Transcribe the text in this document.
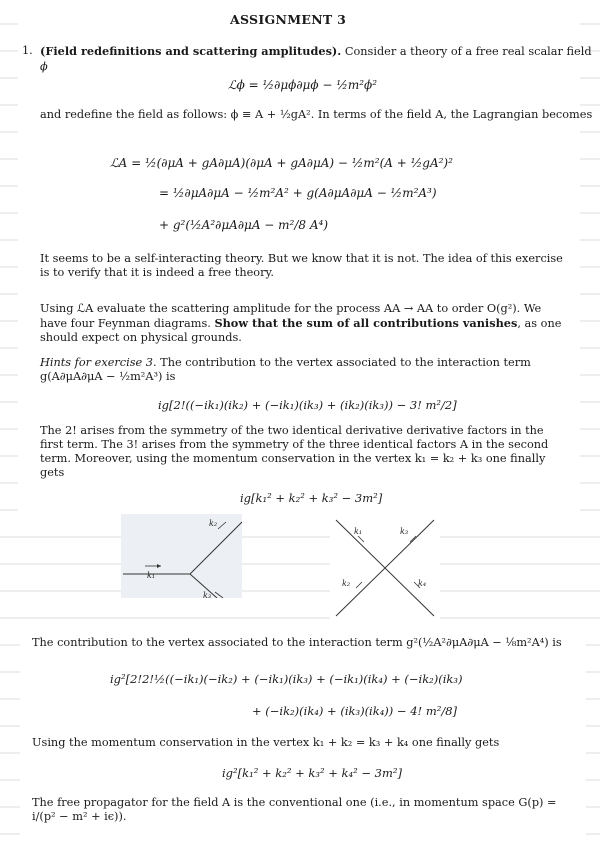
ASSIGNMENT 3
1. (Field redefinitions and scattering amplitudes). Consider a theory of a free real scalar field
ϕ
ℒϕ = ½∂μϕ∂μϕ − ½m²ϕ²
and redefine the field as follows: ϕ ≡ A + ½gA². In terms of the field A, the Lagrangian becomes
ℒA = ½(∂μA + gA∂μA)(∂μA + gA∂μA) − ½m²(A + ½gA²)²
= ½∂μA∂μA − ½m²A² + g(A∂μA∂μA − ½m²A³)
+ g²(½A²∂μA∂μA − m²/8 A⁴)
It seems to be a self-interacting theory. But we know that it is not. The idea of this exercise is to verify that it is indeed a free theory.
Using ℒA evaluate the scattering amplitude for the process AA → AA to order O(g²). We have four Feynman diagrams. Show that the sum of all contributions vanishes, as one should expect on physical grounds.
Hints for exercise 3. The contribution to the vertex associated to the interaction term g(A∂μA∂μA − ½m²A³) is
ig[2!((−ik₁)(ik₂) + (−ik₁)(ik₃) + (ik₂)(ik₃)) − 3! m²/2]
The 2! arises from the symmetry of the two identical derivative derivative factors in the first term. The 3! arises from the symmetry of the three identical factors A in the second term. Moreover, using the momentum conservation in the vertex k₁ = k₂ + k₃ one finally gets
ig[k₁² + k₂² + k₃² − 3m²]
k₂
k₁
k₃
k₁	k₃
k₂	k₄
The contribution to the vertex associated to the interaction term g²(½A²∂μA∂μA − ⅛m²A⁴) is
ig²[2!2!½((−ik₁)(−ik₂) + (−ik₁)(ik₃) + (−ik₁)(ik₄) + (−ik₂)(ik₃)
+ (−ik₂)(ik₄) + (ik₃)(ik₄)) − 4! m²/8]
Using the momentum conservation in the vertex k₁ + k₂ = k₃ + k₄ one finally gets
ig²[k₁² + k₂² + k₃² + k₄² − 3m²]
The free propagator for the field A is the conventional one (i.e., in momentum space G(p) = i/(p² − m² + iϵ)).
